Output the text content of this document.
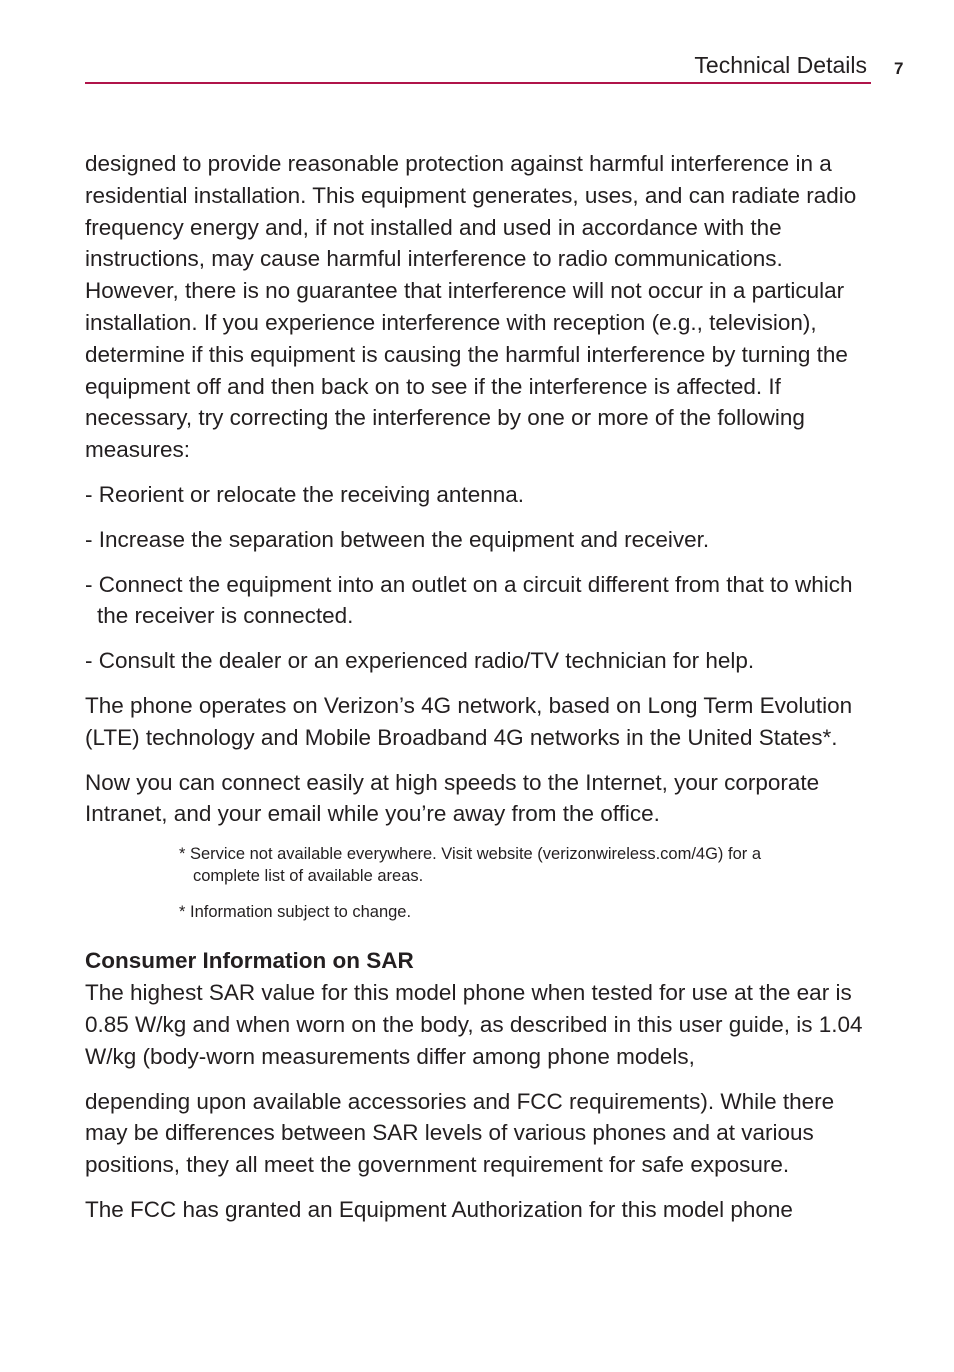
Technical Details 7

designed to provide reasonable protection against harmful interference in a residential installation. This equipment generates, uses, and can radiate radio frequency energy and, if not installed and used in accordance with the instructions, may cause harmful interference to radio communications. However, there is no guarantee that interference will not occur in a particular installation. If you experience interference with reception (e.g., television), determine if this equipment is causing the harmful interference by turning the equipment off and then back on to see if the interference is affected. If necessary, try correcting the interference by one or more of the following measures:

- Reorient or relocate the receiving antenna.

- Increase the separation between the equipment and receiver.

- Connect the equipment into an outlet on a circuit different from that to which the receiver is connected.

- Consult the dealer or an experienced radio/TV technician for help.

The phone operates on Verizon’s 4G network, based on Long Term Evolution (LTE) technology and Mobile Broadband 4G networks in the United States*.

Now you can connect easily at high speeds to the Internet, your corporate Intranet, and your email while you’re away from the office.

* Service not available everywhere. Visit website (verizonwireless.com/4G) for a complete list of available areas.

* Information subject to change.

Consumer Information on SAR

The highest SAR value for this model phone when tested for use at the ear is 0.85 W/kg and when worn on the body, as described in this user guide, is 1.04 W/kg (body-worn measurements differ among phone models,

depending upon available accessories and FCC requirements). While there may be differences between SAR levels of various phones and at various positions, they all meet the government requirement for safe exposure.

The FCC has granted an Equipment Authorization for this model phone
